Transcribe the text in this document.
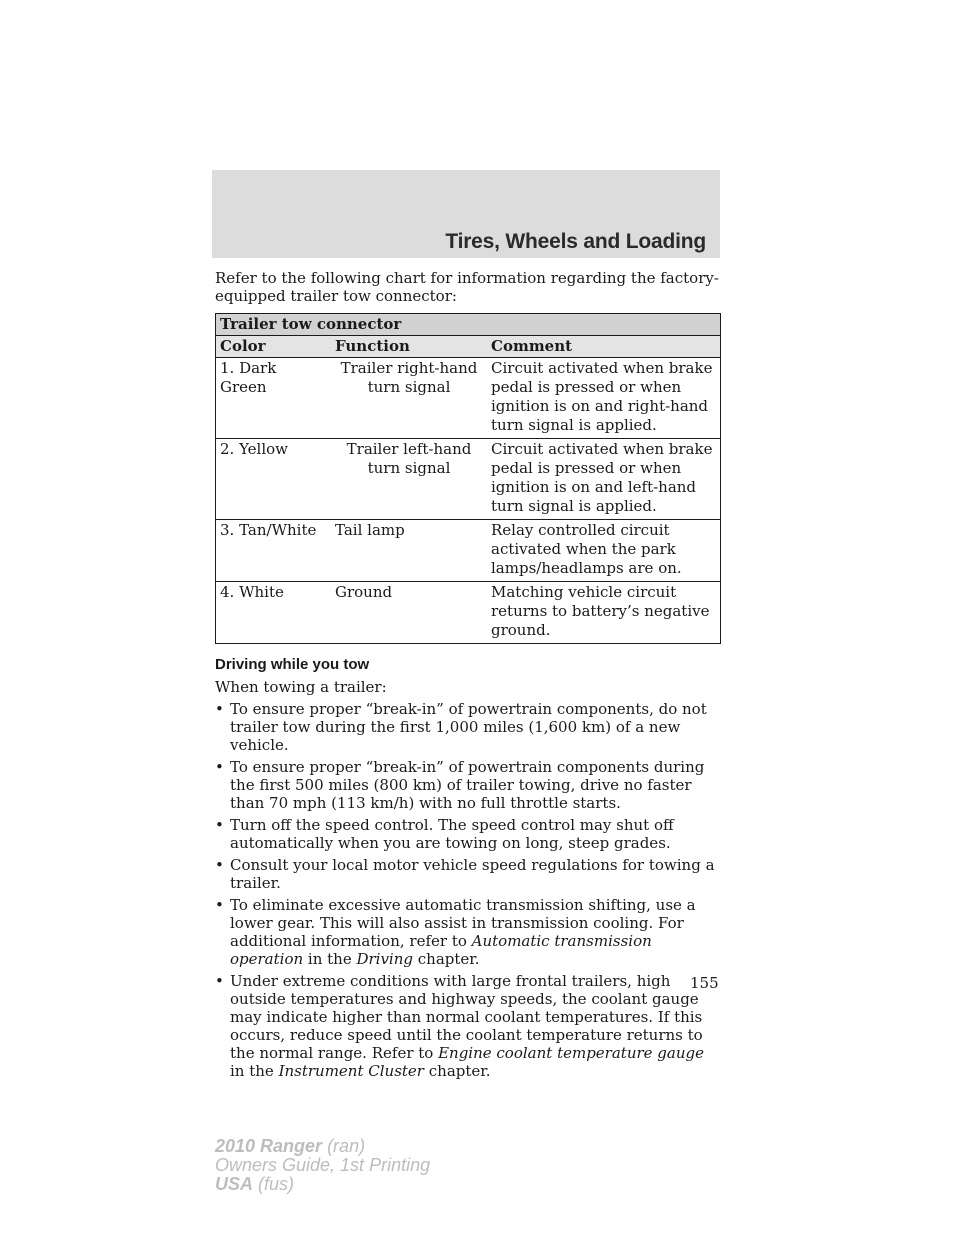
Tires, Wheels and Loading

Refer to the following chart for information regarding the factory-equipped trailer tow connector:

Trailer tow connector		
Color	Function	Comment
1. Dark Green	Trailer right-hand turn signal	Circuit activated when brake pedal is pressed or when ignition is on and right-hand turn signal is applied.
2. Yellow	Trailer left-hand turn signal	Circuit activated when brake pedal is pressed or when ignition is on and left-hand turn signal is applied.
3. Tan/White	Tail lamp	Relay controlled circuit activated when the park lamps/headlamps are on.
4. White	Ground	Matching vehicle circuit returns to battery’s negative ground.
Driving while you tow

When towing a trailer:

• To ensure proper “break-in” of powertrain components, do not trailer tow during the first 1,000 miles (1,600 km) of a new vehicle.
• To ensure proper “break-in” of powertrain components during the first 500 miles (800 km) of trailer towing, drive no faster than 70 mph (113 km/h) with no full throttle starts.
• Turn off the speed control. The speed control may shut off automatically when you are towing on long, steep grades.
• Consult your local motor vehicle speed regulations for towing a trailer.
• To eliminate excessive automatic transmission shifting, use a lower gear. This will also assist in transmission cooling. For additional information, refer to Automatic transmission operation in the Driving chapter.
• Under extreme conditions with large frontal trailers, high outside temperatures and highway speeds, the coolant gauge may indicate higher than normal coolant temperatures. If this occurs, reduce speed until the coolant temperature returns to the normal range. Refer to Engine coolant temperature gauge in the Instrument Cluster chapter.
155
2010 Ranger (ran)
Owners Guide, 1st Printing
USA (fus)
